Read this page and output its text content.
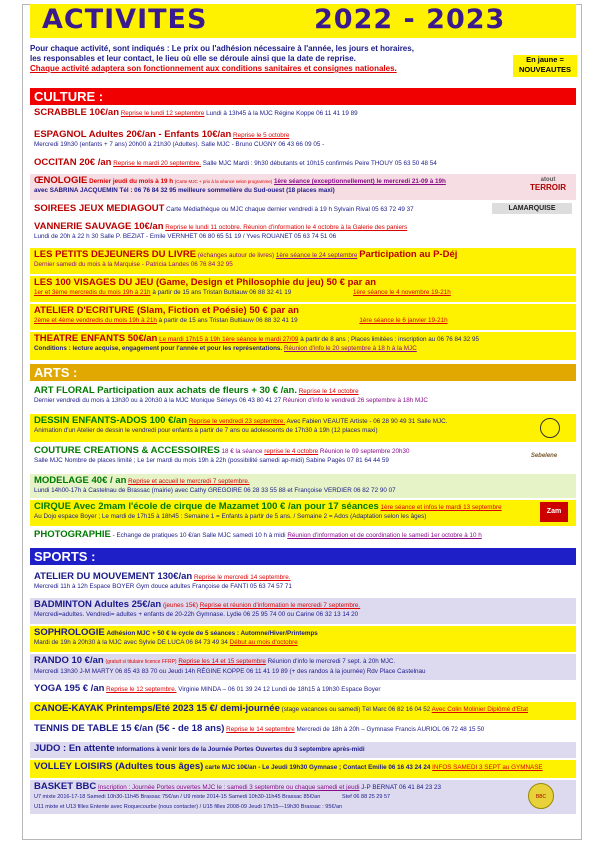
ACTIVITES	2022 - 2023
Pour chaque activité, sont indiqués : Le prix ou l'adhésion nécessaire à l'année, les jours et horaires,
les responsables et leur contact, le lieu où elle se déroule ainsi que la date de reprise.
Chaque activité adaptera son fonctionnement aux conditions sanitaires et consignes nationales.
En jaune =
NOUVEAUTES
CULTURE :
SCRABBLE 10€/an Reprise le lundi 12 septembre Lundi à 13h45 à la MJC Régine Koppe 06 11 41 19 89
ESPAGNOL Adultes 20€/an - Enfants 10€/an Reprise le 5 octobre
Mercredi 19h30 (enfants + 7 ans) 20h00 à 21h30 (Adultes). Salle MJC - Bruno CUGNY 06 43 66 09 05 -
OCCITAN 20€ /an Reprise le mardi 20 septembre. Salle MJC Mardi : 9h30 débutants et 10h15 confirmés Peire THOUY 05 63 50 48 54
ŒNOLOGIE Dernier jeudi du mois à 19 h (Carte MJC + prix à la séance selon programme) 1ère séance (exceptionnellement) le mercredi 21-09 à 19h
avec SABRINA JACQUEMIN Tél : 06 76 84 32 95 meilleure sommelière du Sud-ouest (18 places maxi)
atout
TERROIR
SOIREES JEUX MEDIAGOUT Carte Médiathèque ou MJC chaque dernier vendredi à 19 h Sylvain Rival 05 63 72 49 37	LAMARQUISE
VANNERIE SAUVAGE 10€/an Reprise le lundi 11 octobre. Réunion d'information le 4 octobre à la Galerie des paniers
Lundi de 20h à 22 h 30 Salle P. BEZIAT - Emile VERNHET 06 80 65 51 19 / Yves ROUANET 05 63 74 51 06
LES PETITS DEJEUNERS DU LIVRE (échanges autour de livres) 1ère séance le 24 septembre Participation au P-Déj
Dernier samedi du mois à la Marquise - Patricia Landes 06 76 84 32 95
LES 100 VISAGES DU JEU (Game, Design et Philosophie du jeu) 50 € par an
1er et 3ème mercredis du mois 19h à 21h à partir de 15 ans Tristan Bultiauw 06 88 32 41 19	1ère séance le 4 novembre 19-21h
ATELIER D'ECRITURE (Slam, Fiction et Poésie) 50 € par an
2ème et 4ème vendredis du mois 19h à 21h à partir de 15 ans Tristan Bultiauw 06 88 32 41 19	1ère séance le 6 janvier 19-21h
THEATRE ENFANTS 50€/an Le mardi 17h15 à 19h 1ère séance le mardi 27/09 à partir de 8 ans ; Places limitées : inscription au 06 76 84 32 95
Conditions : lecture acquise, engagement pour l'année et pour les représentations. Réunion d'info le 20 septembre à 18 h à la MJC
ARTS :
ART FLORAL Participation aux achats de fleurs + 30 € /an. Reprise le 14 octobre
Dernier vendredi du mois à 13h30 ou à 20h30 à la MJC Monique Sérieys 06 43 80 41 27 Réunion d'info le vendredi 26 septembre à 18h MJC
DESSIN ENFANTS-ADOS 100 €/an Reprise le vendredi 23 septembre. Avec Fabien VEAUTE Artiste - 06 28 90 49 31 Salle MJC.
Animation d'un Atelier de dessin le vendredi pour enfants à partir de 7 ans ou adolescents de 17h30 à 19h (12 places maxi)
COUTURE CREATIONS & ACCESSOIRES 18 € la séance reprise le 4 octobre Réunion le 09 septembre 20h30
Salle MJC Nombre de places limité ; Le 1er mardi du mois 19h à 22h (possibilité samedi ap-midi) Sabine Pagès 07 81 64 44 59
Sebelene
MODELAGE 40€ / an Reprise et accueil le mercredi 7 septembre.
Lundi 14h00-17h à Castelnau de Brassac (mairie) avec Cathy GREGOIRE 06 28 33 55 88 et Françoise VERDIER 06 82 72 90 07
CIRQUE Avec 2mam l'école de cirque de Mazamet 100 € /an pour 17 séances 1ère séance et infos le mardi 13 septembre
Au Dojo espace Boyer ; Le mardi de 17h15 à 18h45 : Semaine 1 = Enfants à partir de 5 ans. / Semaine 2 = Ados (Adaptation selon les âges)
Zam
PHOTOGRAPHIE - Echange de pratiques 10 €/an Salle MJC samedi 10 h à midi Réunion d'information et de coordination le samedi 1er octobre à 10 h
SPORTS :
ATELIER DU MOUVEMENT 130€/an Reprise le mercredi 14 septembre.
Mercredi 11h à 12h Espace BOYER Gym douce adultes Françoise de FANTI 05 63 74 57 71
BADMINTON Adultes 25€/an (jeunes 15€) Reprise et réunion d'information le mercredi 7 septembre.
Mercredi=adultes. Vendredi= adultes + enfants de 20-22h Gymnase. Lydie 06 25 95 74 00 ou Carine 06 32 13 14 20
SOPHROLOGIE Adhésion MJC + 50 € le cycle de 5 séances : Automne/Hiver/Printemps
Mardi de 19h à 20h30 à la MJC avec Sylvie DE LUCA 06 84 73 49 34 Début au mois d'octobre
RANDO 10 €/an (gratuit si titulaire licence FFRP) Reprise les 14 et 15 septembre Réunion d'info le mercredi 7 sept. à 20h MJC.
Mercredi 13h30 J-M MARTY 06 85 43 83 70 ou Jeudi 14h RÉGINE KOPPE 06 11 41 19 89 (+ des randos à la journée) Rdv Place Castelnau
YOGA 195 € /an Reprise le 12 septembre. Virginie MINDA – 06 01 39 24 12 Lundi de 18h15 à 19h30 Espace Boyer
CANOE-KAYAK Printemps/Eté 2023 15 €/ demi-journée (stage vacances ou samedi) Tél Marc 06 82 16 04 52 Avec Colin Molinier Diplômé d'Etat
TENNIS DE TABLE 15 €/an (5€ - de 18 ans) Reprise le 14 septembre Mercredi de 18h à 20h – Gymnase Francis AURIOL 06 72 48 15 50
JUDO : En attente Informations à venir lors de la Journée Portes Ouvertes du 3 septembre après-midi
VOLLEY LOISIRS (Adultes tous âges) carte MJC 10€/an - Le Jeudi 19h30 Gymnase ; Contact Emilie 06 16 43 24 24 INFOS SAMEDI 3 SEPT au GYMNASE
BASKET BBC Inscription : Journée Portes ouvertes MJC le : samedi 3 septembre ou chaque samedi et jeudi J-P BERNAT 06 41 84 23 23
U7 mixte 2016-17-18 Samedi 10h30-11h45 Brassac 75€/an / U9 mixte 2014-15 Samedi 10h30-11h45 Brassac 85€/an	Stef 06 88 25 29 57
U11 mixte et U13 filles Entente avec Roquecourbe (nous contacter) / U15 filles 2008-09 Jeudi 17h15—19h30 Brassac : 95€/an
BBC
